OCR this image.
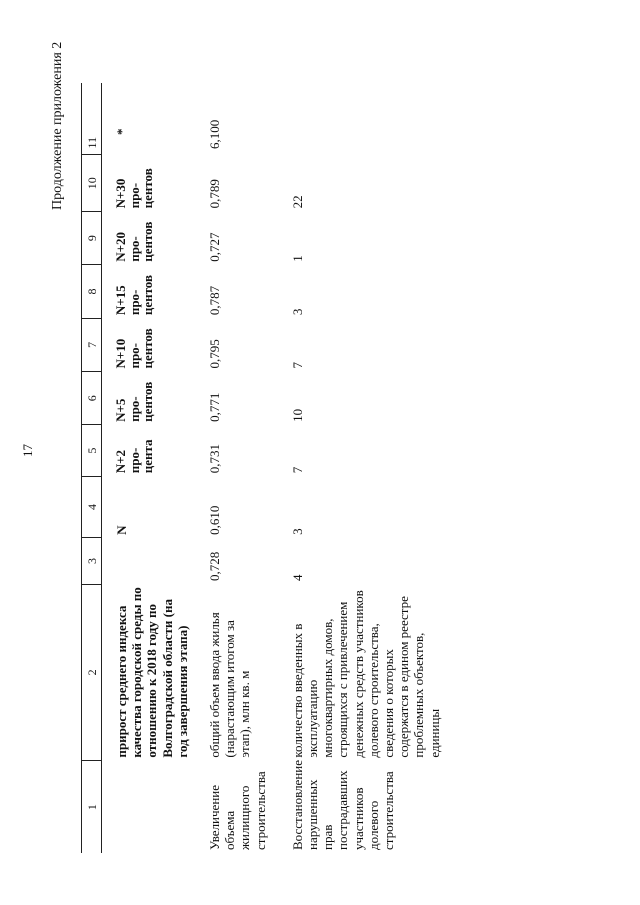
17
Продолжение приложения 2
1	2	3	4	5	6	7	8	9	10	11
	прирост среднего индекса качества городской среды по отношению к 2018 году по Волгоградской области (на год завершения этапа)		N	N+2 про-цента	N+5 про-центов	N+10 про-центов	N+15 про-центов	N+20 про-центов	N+30 про-центов	*
Увеличение объема жилищного строительства	общий объем ввода жилья (нарастающим итогом за этап), млн кв. м	0,728	0,610	0,731	0,771	0,795	0,787	0,727	0,789	6,100
Восстановление нарушенных прав пострадавших участников долевого строительства	количество введенных в эксплуатацию многоквартирных домов, строящихся с привлечением денежных средств участников долевого строительства, сведения о которых содержатся в едином реестре проблемных объектов, единицы	4	3	7	10	7	3	1	22	
